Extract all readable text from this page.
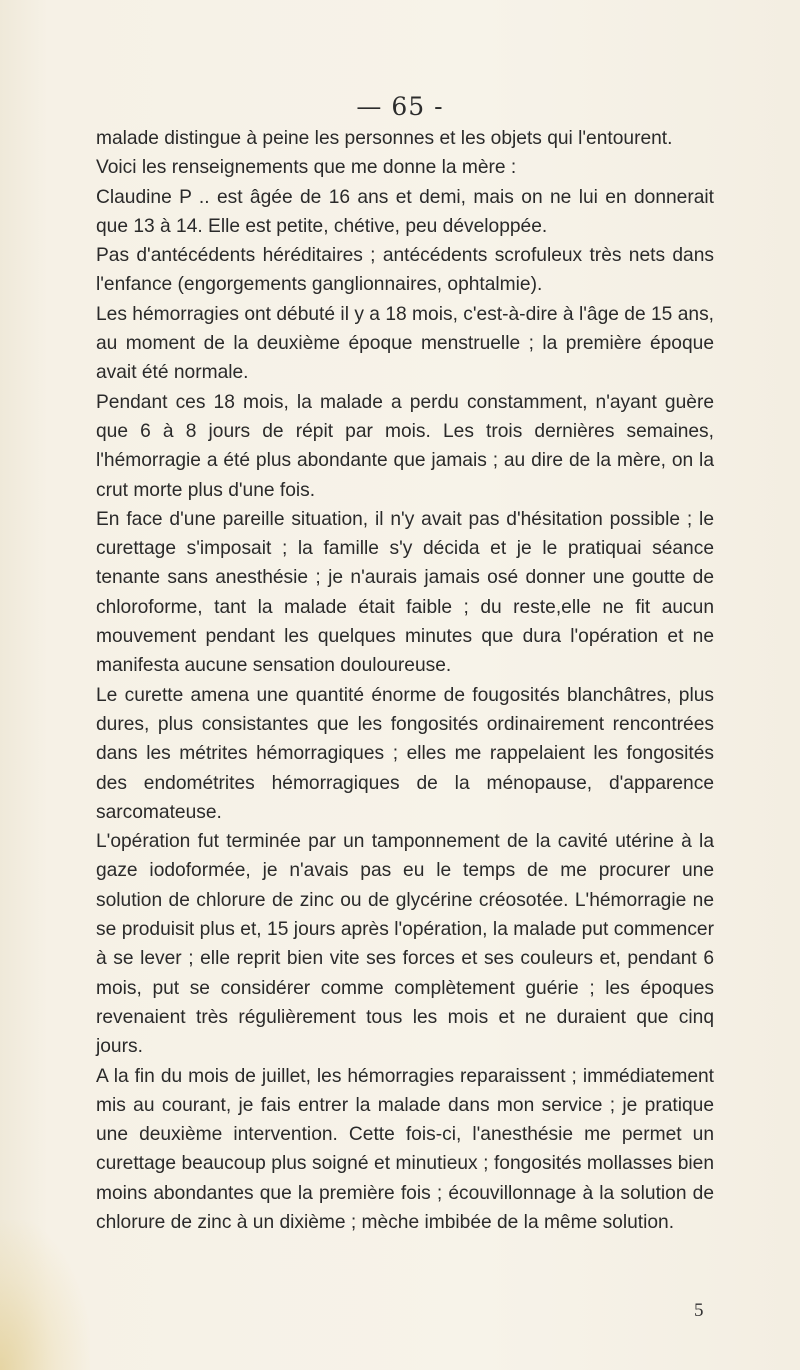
— 65 -

malade distingue à peine les personnes et les objets qui l'entourent.

Voici les renseignements que me donne la mère :

Claudine P .. est âgée de 16 ans et demi, mais on ne lui en donnerait que 13 à 14. Elle est petite, chétive, peu développée.

Pas d'antécédents héréditaires ; antécédents scrofuleux très nets dans l'enfance (engorgements ganglionnaires, ophtalmie).

Les hémorragies ont débuté il y a 18 mois, c'est-à-dire à l'âge de 15 ans, au moment de la deuxième époque menstruelle ; la première époque avait été normale.

Pendant ces 18 mois, la malade a perdu constamment, n'ayant guère que 6 à 8 jours de répit par mois. Les trois dernières semaines, l'hémorragie a été plus abondante que jamais ; au dire de la mère, on la crut morte plus d'une fois.

En face d'une pareille situation, il n'y avait pas d'hésitation possible ; le curettage s'imposait ; la famille s'y décida et je le pratiquai séance tenante sans anesthésie ; je n'aurais jamais osé donner une goutte de chloroforme, tant la malade était faible ; du reste,elle ne fit aucun mouvement pendant les quelques minutes que dura l'opération et ne manifesta aucune sensation douloureuse.

Le curette amena une quantité énorme de fougosités blanchâtres, plus dures, plus consistantes que les fongosités ordinairement rencontrées dans les métrites hémorragiques ; elles me rappelaient les fongosités des endométrites hémorragiques de la ménopause, d'apparence sarcomateuse.

L'opération fut terminée par un tamponnement de la cavité utérine à la gaze iodoformée, je n'avais pas eu le temps de me procurer une solution de chlorure de zinc ou de glycérine créosotée. L'hémorragie ne se produisit plus et, 15 jours après l'opération, la malade put commencer à se lever ; elle reprit bien vite ses forces et ses couleurs et, pendant 6 mois, put se considérer comme complètement guérie ; les époques revenaient très régulièrement tous les mois et ne duraient que cinq jours.

A la fin du mois de juillet, les hémorragies reparaissent ; immédiatement mis au courant, je fais entrer la malade dans mon service ; je pratique une deuxième intervention. Cette fois-ci, l'anesthésie me permet un curettage beaucoup plus soigné et minutieux ; fongosités mollasses bien moins abondantes que la première fois ; écouvillonnage à la solution de chlorure de zinc à un dixième ; mèche imbibée de la même solution.

5
